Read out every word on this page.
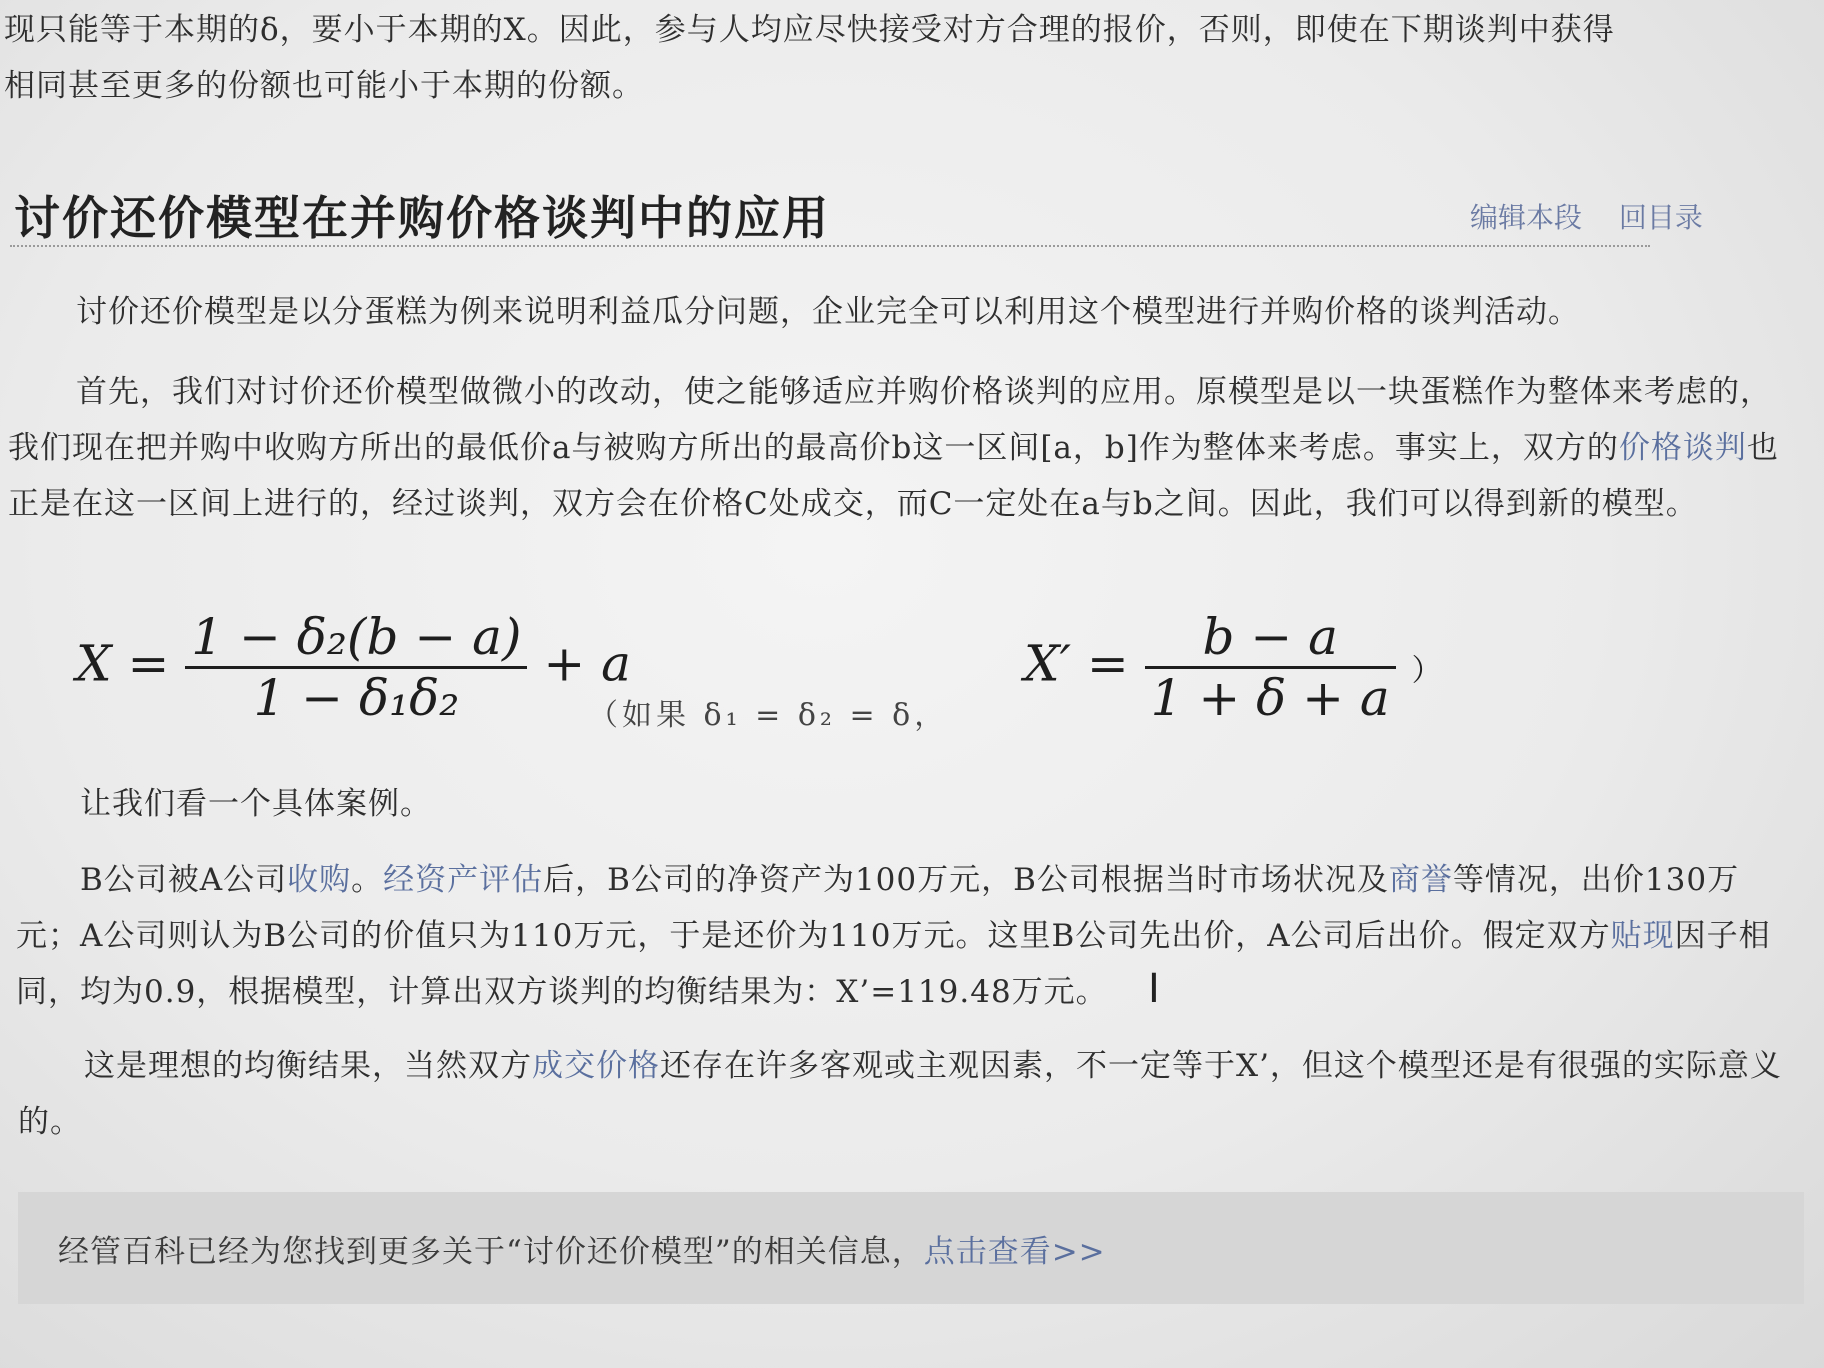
现只能等于本期的δ，要小于本期的X。因此，参与人均应尽快接受对方合理的报价，否则，即使在下期谈判中获得

相同甚至更多的份额也可能小于本期的份额。

讨价还价模型在并购价格谈判中的应用	编辑本段 回目录

讨价还价模型是以分蛋糕为例来说明利益瓜分问题，企业完全可以利用这个模型进行并购价格的谈判活动。

首先，我们对讨价还价模型做微小的改动，使之能够适应并购价格谈判的应用。原模型是以一块蛋糕作为整体来考虑的，我们现在把并购中收购方所出的最低价a与被购方所出的最高价b这一区间[a，b]作为整体来考虑。事实上，双方的价格谈判也正是在这一区间上进行的，经过谈判，双方会在价格C处成交，而C一定处在a与b之间。因此，我们可以得到新的模型。

$X = \frac{\text{1 − δ₂(b − a)}}{\text{1 − δ₁δ₂}} + a$
（如果 δ₁ = δ₂ = δ，
$X' = \frac{b - a}{1 + \delta + a}$ ）

让我们看一个具体案例。

B公司被A公司收购。经资产评估后，B公司的净资产为100万元，B公司根据当时市场状况及商誉等情况，出价130万元；A公司则认为B公司的价值只为110万元，于是还价为110万元。这里B公司先出价，A公司后出价。假定双方贴现因子相同，均为0.9，根据模型，计算出双方谈判的均衡结果为：X’=119.48万元。	I

这是理想的均衡结果，当然双方成交价格还存在许多客观或主观因素，不一定等于X’，但这个模型还是有很强的实际意义的。

经管百科已经为您找到更多关于“讨价还价模型”的相关信息，点击查看>>
